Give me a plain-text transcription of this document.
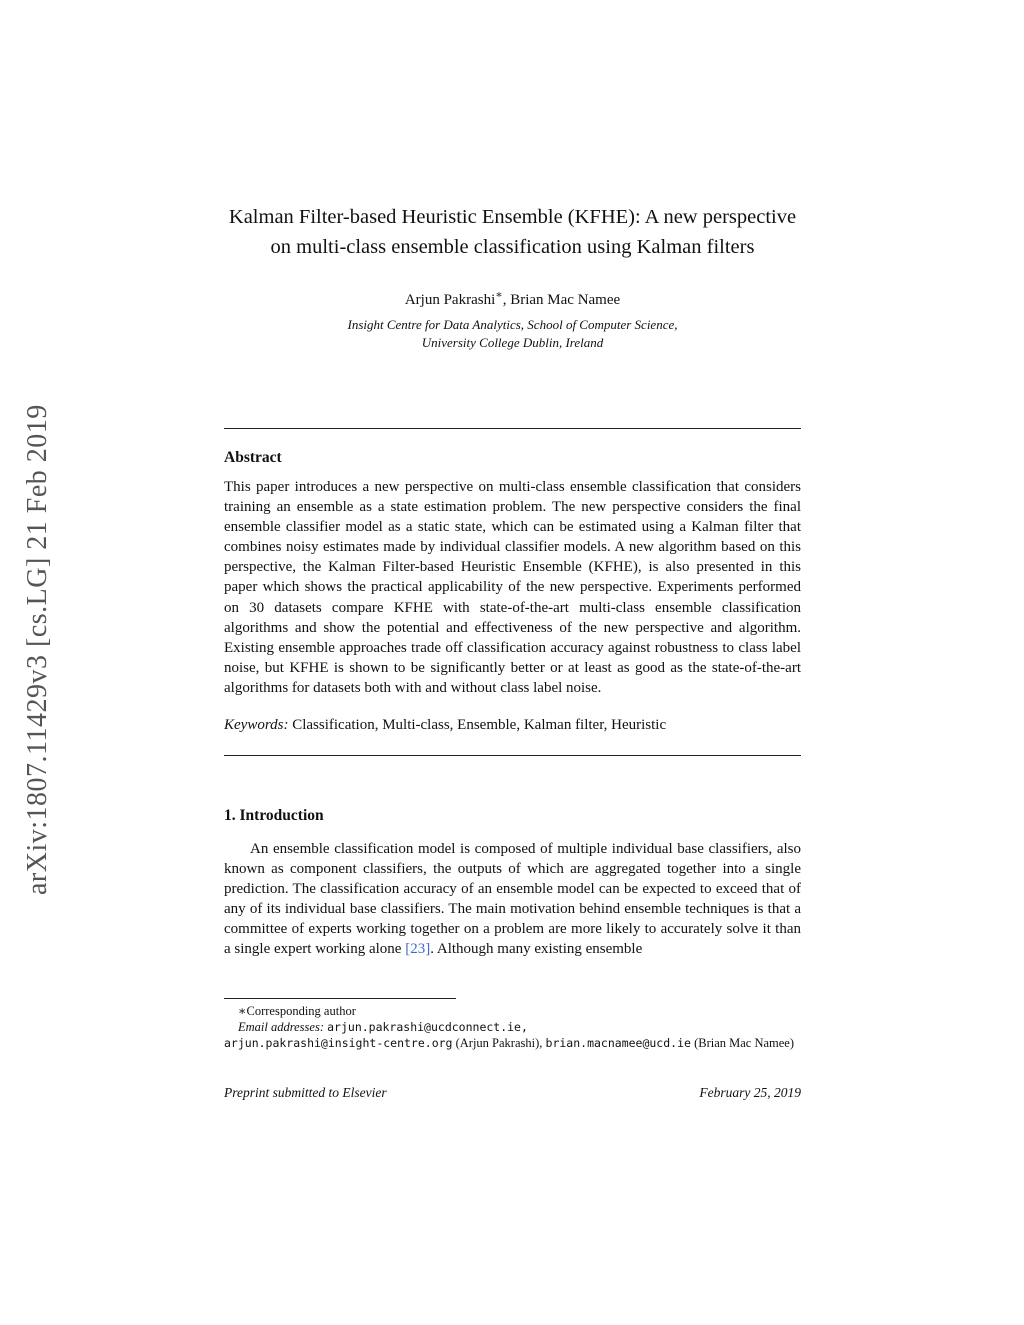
arXiv:1807.11429v3 [cs.LG] 21 Feb 2019
Kalman Filter-based Heuristic Ensemble (KFHE): A new perspective on multi-class ensemble classification using Kalman filters
Arjun Pakrashi∗, Brian Mac Namee
Insight Centre for Data Analytics, School of Computer Science,
University College Dublin, Ireland
Abstract

This paper introduces a new perspective on multi-class ensemble classification that considers training an ensemble as a state estimation problem. The new perspective considers the final ensemble classifier model as a static state, which can be estimated using a Kalman filter that combines noisy estimates made by individual classifier models. A new algorithm based on this perspective, the Kalman Filter-based Heuristic Ensemble (KFHE), is also presented in this paper which shows the practical applicability of the new perspective. Experiments performed on 30 datasets compare KFHE with state-of-the-art multi-class ensemble classification algorithms and show the potential and effectiveness of the new perspective and algorithm. Existing ensemble approaches trade off classification accuracy against robustness to class label noise, but KFHE is shown to be significantly better or at least as good as the state-of-the-art algorithms for datasets both with and without class label noise.

Keywords: Classification, Multi-class, Ensemble, Kalman filter, Heuristic

1. Introduction

An ensemble classification model is composed of multiple individual base classifiers, also known as component classifiers, the outputs of which are aggregated together into a single prediction. The classification accuracy of an ensemble model can be expected to exceed that of any of its individual base classifiers. The main motivation behind ensemble techniques is that a committee of experts working together on a problem are more likely to accurately solve it than a single expert working alone [23]. Although many existing ensemble

∗Corresponding author

Email addresses: arjun.pakrashi@ucdconnect.ie,

arjun.pakrashi@insight-centre.org (Arjun Pakrashi), brian.macnamee@ucd.ie (Brian Mac Namee)

Preprint submitted to Elsevier	February 25, 2019
